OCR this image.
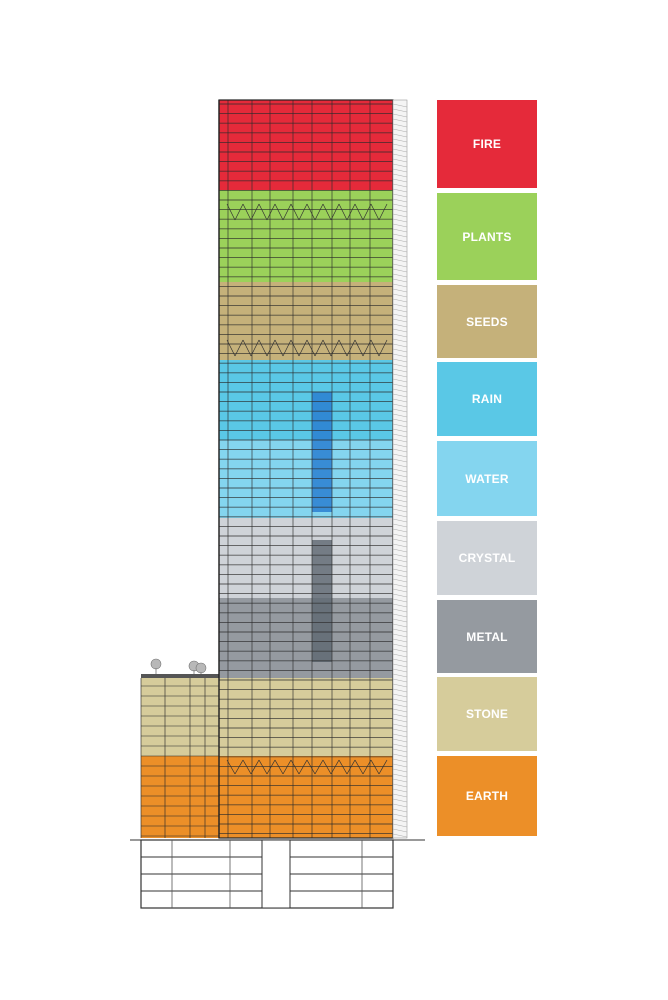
FIRE
PLANTS
SEEDS
RAIN
WATER
CRYSTAL
METAL
STONE
EARTH
